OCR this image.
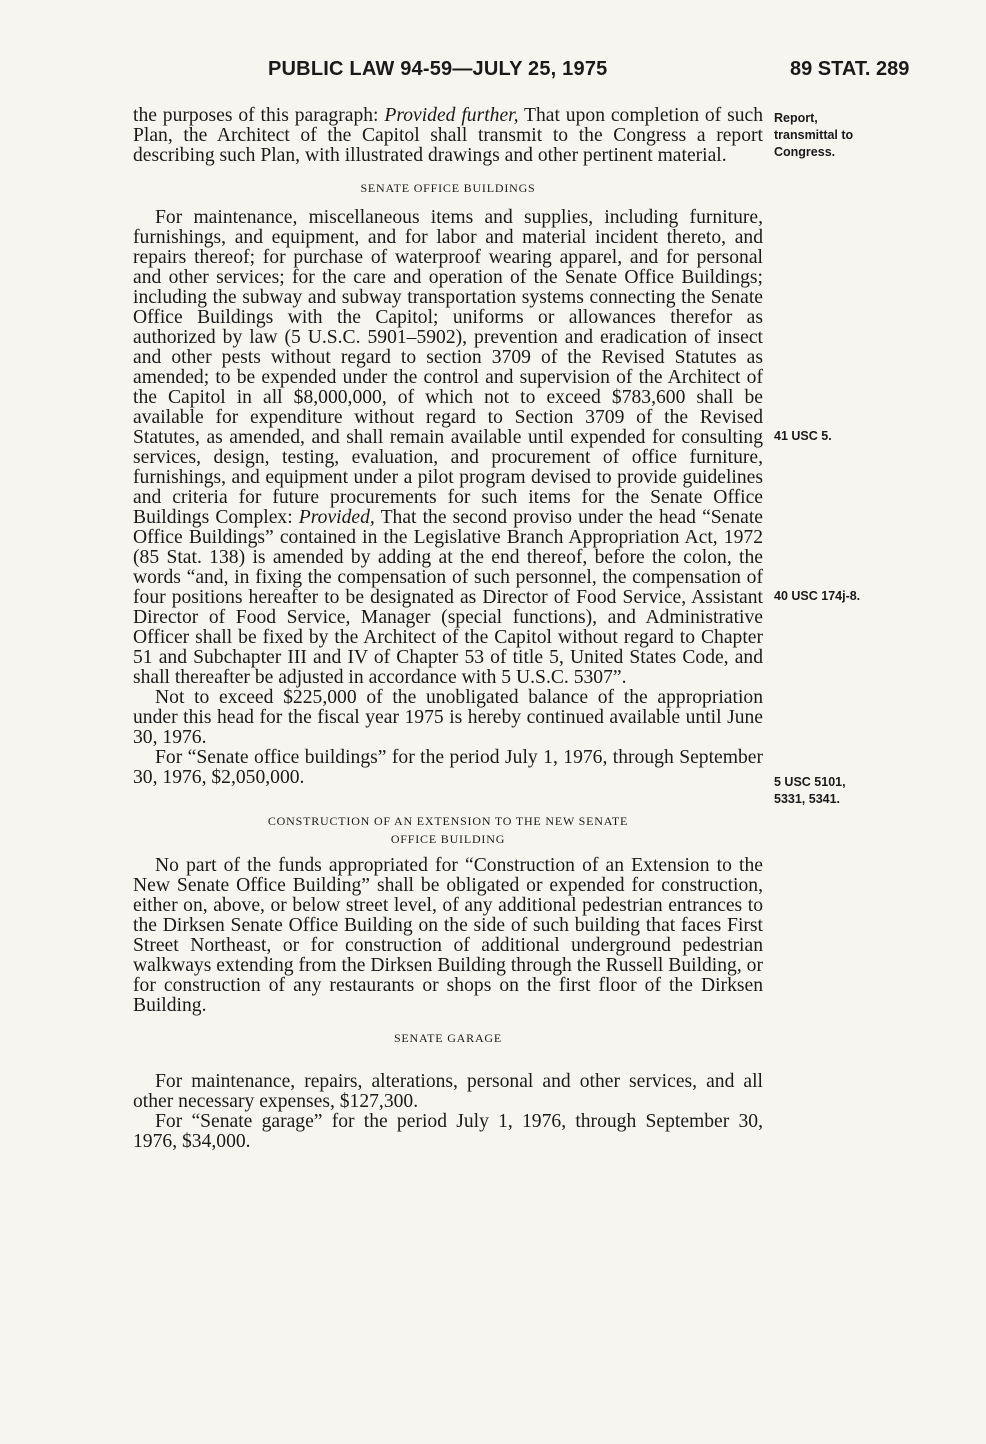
PUBLIC LAW 94-59—JULY 25, 1975	89 STAT. 289
Report,
transmittal to
Congress.
41 USC 5.
40 USC 174j-8.
5 USC 5101,
5331, 5341.

the purposes of this paragraph: Provided further, That upon completion of such Plan, the Architect of the Capitol shall transmit to the Congress a report describing such Plan, with illustrated drawings and other pertinent material.

SENATE OFFICE BUILDINGS

For maintenance, miscellaneous items and supplies, including furniture, furnishings, and equipment, and for labor and material incident thereto, and repairs thereof; for purchase of waterproof wearing apparel, and for personal and other services; for the care and operation of the Senate Office Buildings; including the subway and subway transportation systems connecting the Senate Office Buildings with the Capitol; uniforms or allowances therefor as authorized by law (5 U.S.C. 5901–5902), prevention and eradication of insect and other pests without regard to section 3709 of the Revised Statutes as amended; to be expended under the control and supervision of the Architect of the Capitol in all $8,000,000, of which not to exceed $783,600 shall be available for expenditure without regard to Section 3709 of the Revised Statutes, as amended, and shall remain available until expended for consulting services, design, testing, evaluation, and procurement of office furniture, furnishings, and equipment under a pilot program devised to provide guidelines and criteria for future procurements for such items for the Senate Office Buildings Complex: Provided, That the second proviso under the head “Senate Office Buildings” contained in the Legislative Branch Appropriation Act, 1972 (85 Stat. 138) is amended by adding at the end thereof, before the colon, the words “and, in fixing the compensation of such personnel, the compensation of four positions hereafter to be designated as Director of Food Service, Assistant Director of Food Service, Manager (special functions), and Administrative Officer shall be fixed by the Architect of the Capitol without regard to Chapter 51 and Subchapter III and IV of Chapter 53 of title 5, United States Code, and shall thereafter be adjusted in accordance with 5 U.S.C. 5307”.

Not to exceed $225,000 of the unobligated balance of the appropriation under this head for the fiscal year 1975 is hereby continued available until June 30, 1976.

For “Senate office buildings” for the period July 1, 1976, through September 30, 1976, $2,050,000.

CONSTRUCTION OF AN EXTENSION TO THE NEW SENATE
OFFICE BUILDING

No part of the funds appropriated for “Construction of an Extension to the New Senate Office Building” shall be obligated or expended for construction, either on, above, or below street level, of any additional pedestrian entrances to the Dirksen Senate Office Building on the side of such building that faces First Street Northeast, or for construction of additional underground pedestrian walkways extending from the Dirksen Building through the Russell Building, or for construction of any restaurants or shops on the first floor of the Dirksen Building.

SENATE GARAGE

For maintenance, repairs, alterations, personal and other services, and all other necessary expenses, $127,300.

For “Senate garage” for the period July 1, 1976, through September 30, 1976, $34,000.
